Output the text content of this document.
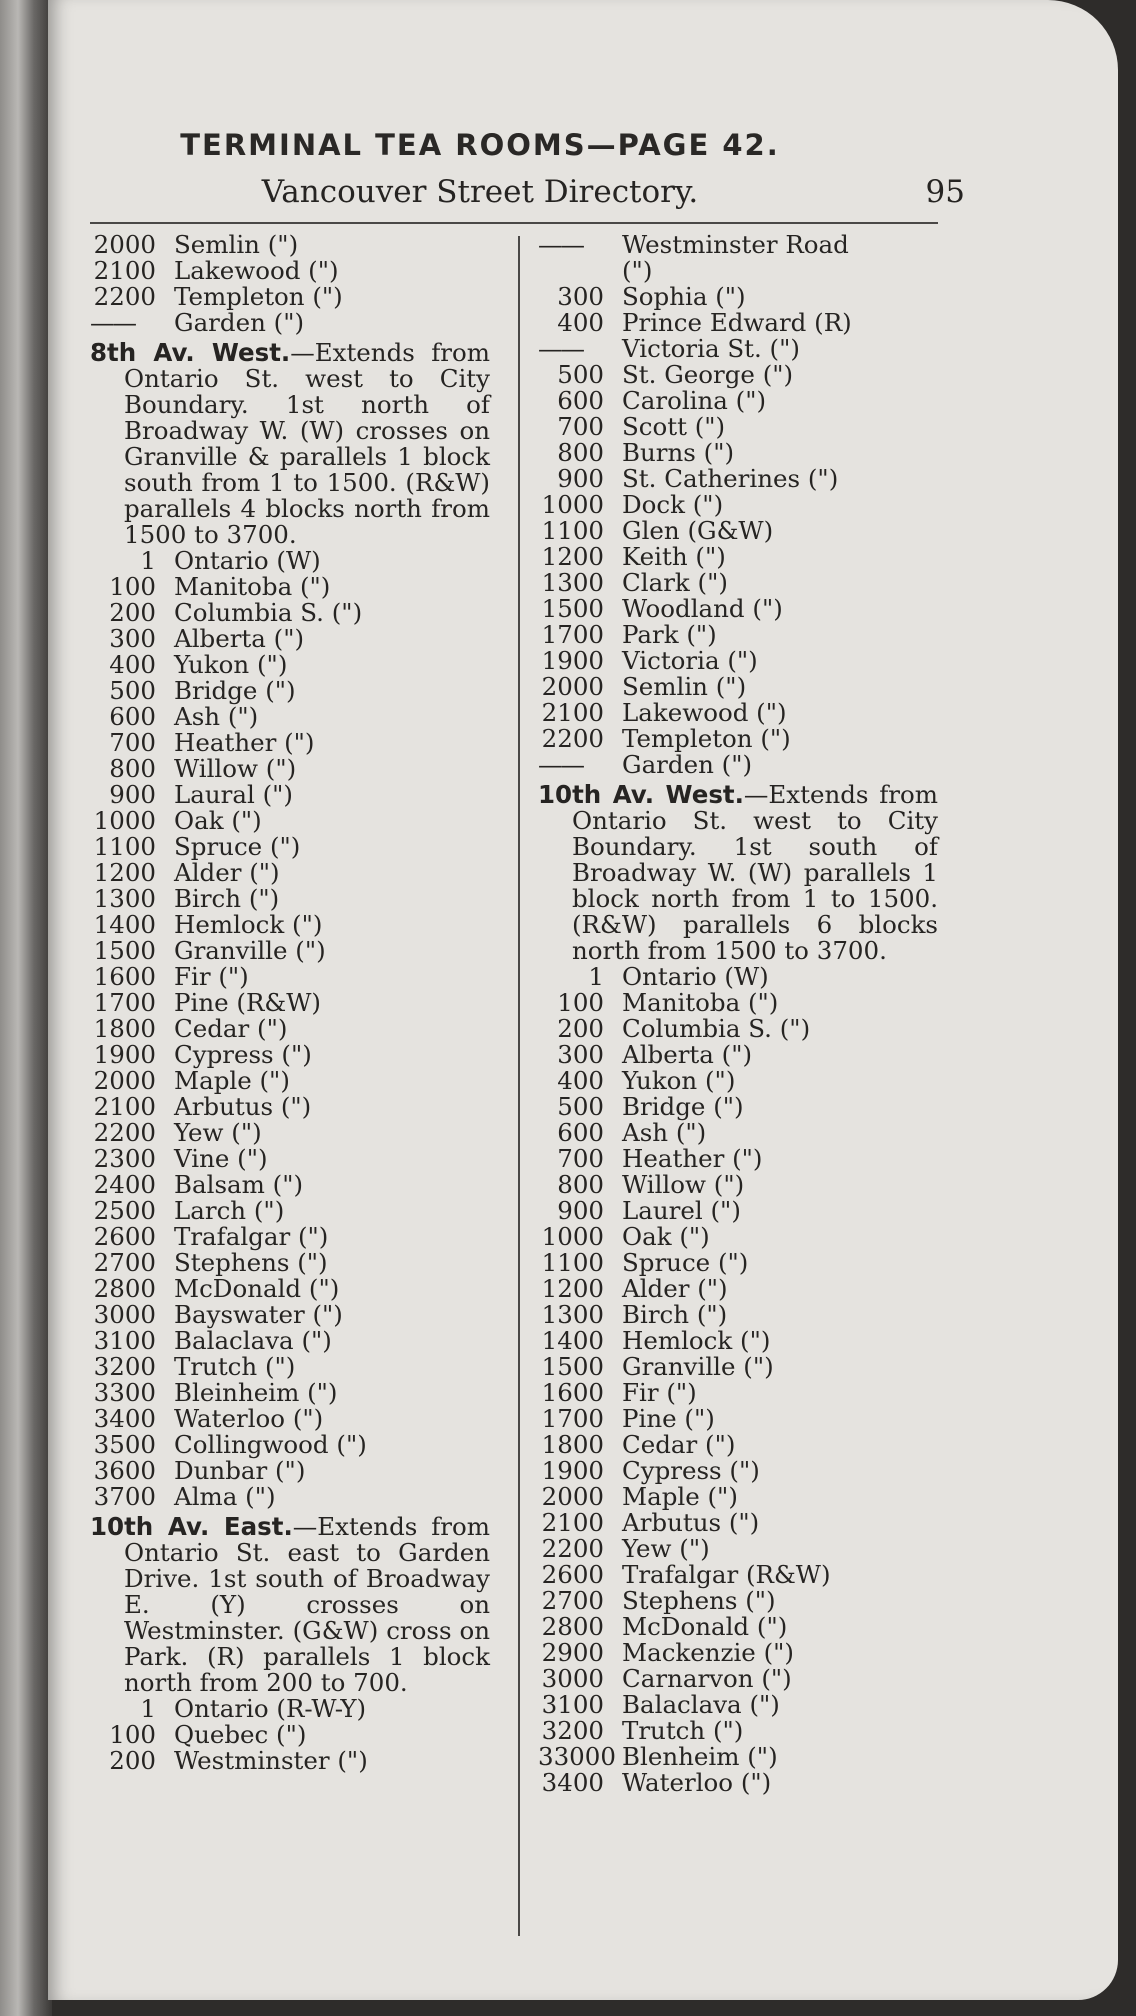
TERMINAL TEA ROOMS—PAGE 42.
Vancouver Street Directory.	95
2000 Semlin (")
2100 Lakewood (")
2200 Templeton (")
—— Garden (")
8th Av. West.—Extends from Ontario St. west to City Boundary. 1st north of Broadway W. (W) crosses on Granville & parallels 1 block south from 1 to 1500. (R&W) parallels 4 blocks north from 1500 to 3700.
1 Ontario (W)
100 Manitoba (")
200 Columbia S. (")
300 Alberta (")
400 Yukon (")
500 Bridge (")
600 Ash (")
700 Heather (")
800 Willow (")
900 Laural (")
1000 Oak (")
1100 Spruce (")
1200 Alder (")
1300 Birch (")
1400 Hemlock (")
1500 Granville (")
1600 Fir (")
1700 Pine (R&W)
1800 Cedar (")
1900 Cypress (")
2000 Maple (")
2100 Arbutus (")
2200 Yew (")
2300 Vine (")
2400 Balsam (")
2500 Larch (")
2600 Trafalgar (")
2700 Stephens (")
2800 McDonald (")
3000 Bayswater (")
3100 Balaclava (")
3200 Trutch (")
3300 Bleinheim (")
3400 Waterloo (")
3500 Collingwood (")
3600 Dunbar (")
3700 Alma (")
10th Av. East.—Extends from Ontario St. east to Garden Drive. 1st south of Broadway E. (Y) crosses on Westminster. (G&W) cross on Park. (R) parallels 1 block north from 200 to 700.
1 Ontario (R-W-Y)
100 Quebec (")
200 Westminster (")
—— Westminster Road
(")
300 Sophia (")
400 Prince Edward (R)
—— Victoria St. (")
500 St. George (")
600 Carolina (")
700 Scott (")
800 Burns (")
900 St. Catherines (")
1000 Dock (")
1100 Glen (G&W)
1200 Keith (")
1300 Clark (")
1500 Woodland (")
1700 Park (")
1900 Victoria (")
2000 Semlin (")
2100 Lakewood (")
2200 Templeton (")
—— Garden (")
10th Av. West.—Extends from Ontario St. west to City Boundary. 1st south of Broadway W. (W) parallels 1 block north from 1 to 1500. (R&W) parallels 6 blocks north from 1500 to 3700.
1 Ontario (W)
100 Manitoba (")
200 Columbia S. (")
300 Alberta (")
400 Yukon (")
500 Bridge (")
600 Ash (")
700 Heather (")
800 Willow (")
900 Laurel (")
1000 Oak (")
1100 Spruce (")
1200 Alder (")
1300 Birch (")
1400 Hemlock (")
1500 Granville (")
1600 Fir (")
1700 Pine (")
1800 Cedar (")
1900 Cypress (")
2000 Maple (")
2100 Arbutus (")
2200 Yew (")
2600 Trafalgar (R&W)
2700 Stephens (")
2800 McDonald (")
2900 Mackenzie (")
3000 Carnarvon (")
3100 Balaclava (")
3200 Trutch (")
33000 Blenheim (")
3400 Waterloo (")
